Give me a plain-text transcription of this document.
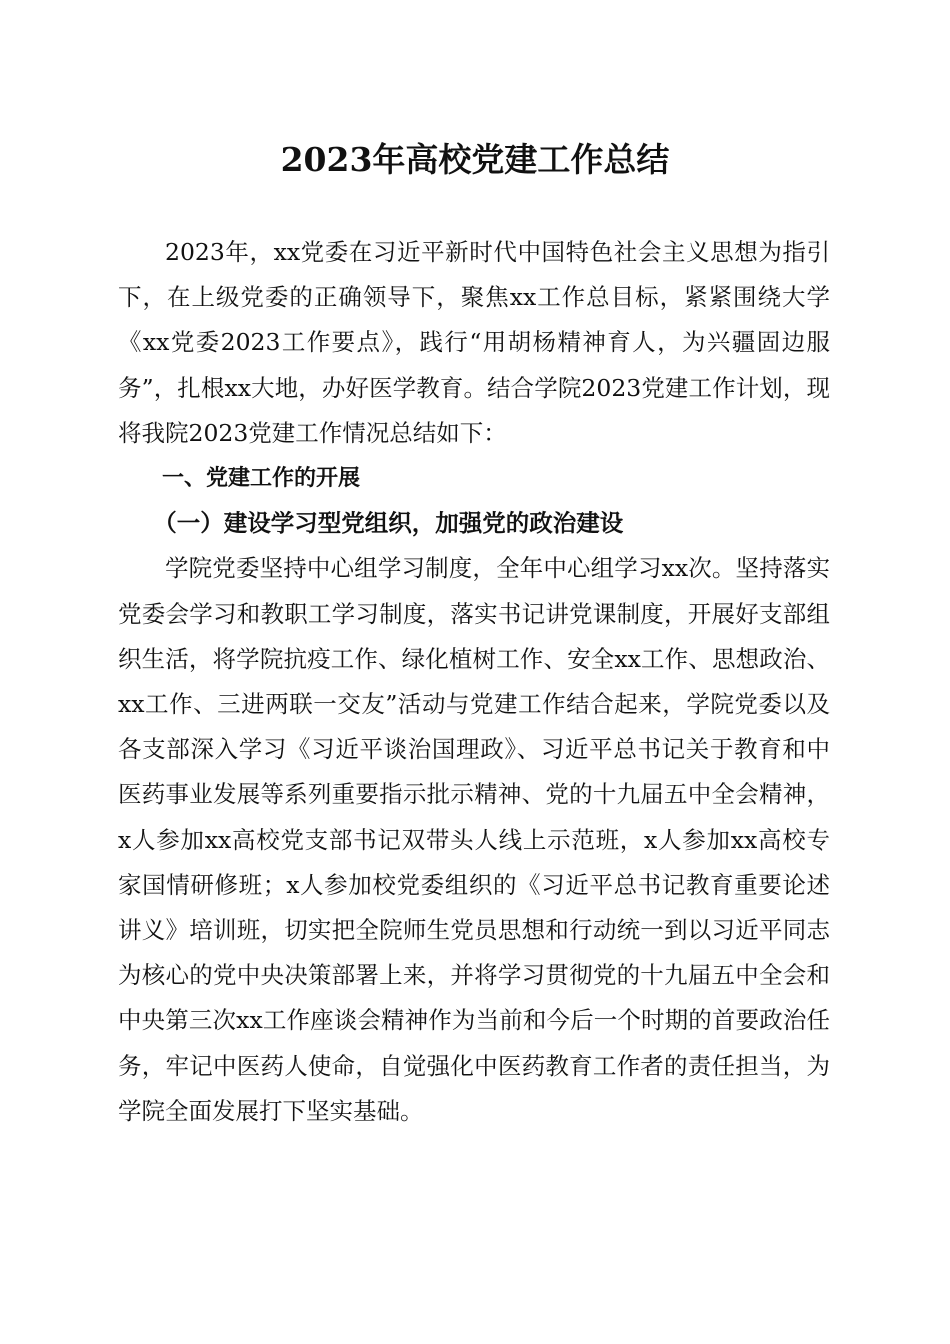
2023年高校党建工作总结

2023年，xx党委在习近平新时代中国特色社会主义思想为指引下，在上级党委的正确领导下，聚焦xx工作总目标，紧紧围绕大学《xx党委2023工作要点》，践行“用胡杨精神育人，为兴疆固边服务”，扎根xx大地，办好医学教育。结合学院2023党建工作计划，现将我院2023党建工作情况总结如下：

一、党建工作的开展

（一）建设学习型党组织，加强党的政治建设

学院党委坚持中心组学习制度，全年中心组学习xx次。坚持落实党委会学习和教职工学习制度，落实书记讲党课制度，开展好支部组织生活，将学院抗疫工作、绿化植树工作、安全xx工作、思想政治、xx工作、三进两联一交友”活动与党建工作结合起来，学院党委以及各支部深入学习《习近平谈治国理政》、习近平总书记关于教育和中医药事业发展等系列重要指示批示精神、党的十九届五中全会精神，x人参加xx高校党支部书记双带头人线上示范班，x人参加xx高校专家国情研修班；x人参加校党委组织的《习近平总书记教育重要论述讲义》培训班，切实把全院师生党员思想和行动统一到以习近平同志为核心的党中央决策部署上来，并将学习贯彻党的十九届五中全会和中央第三次xx工作座谈会精神作为当前和今后一个时期的首要政治任务，牢记中医药人使命，自觉强化中医药教育工作者的责任担当，为学院全面发展打下坚实基础。
